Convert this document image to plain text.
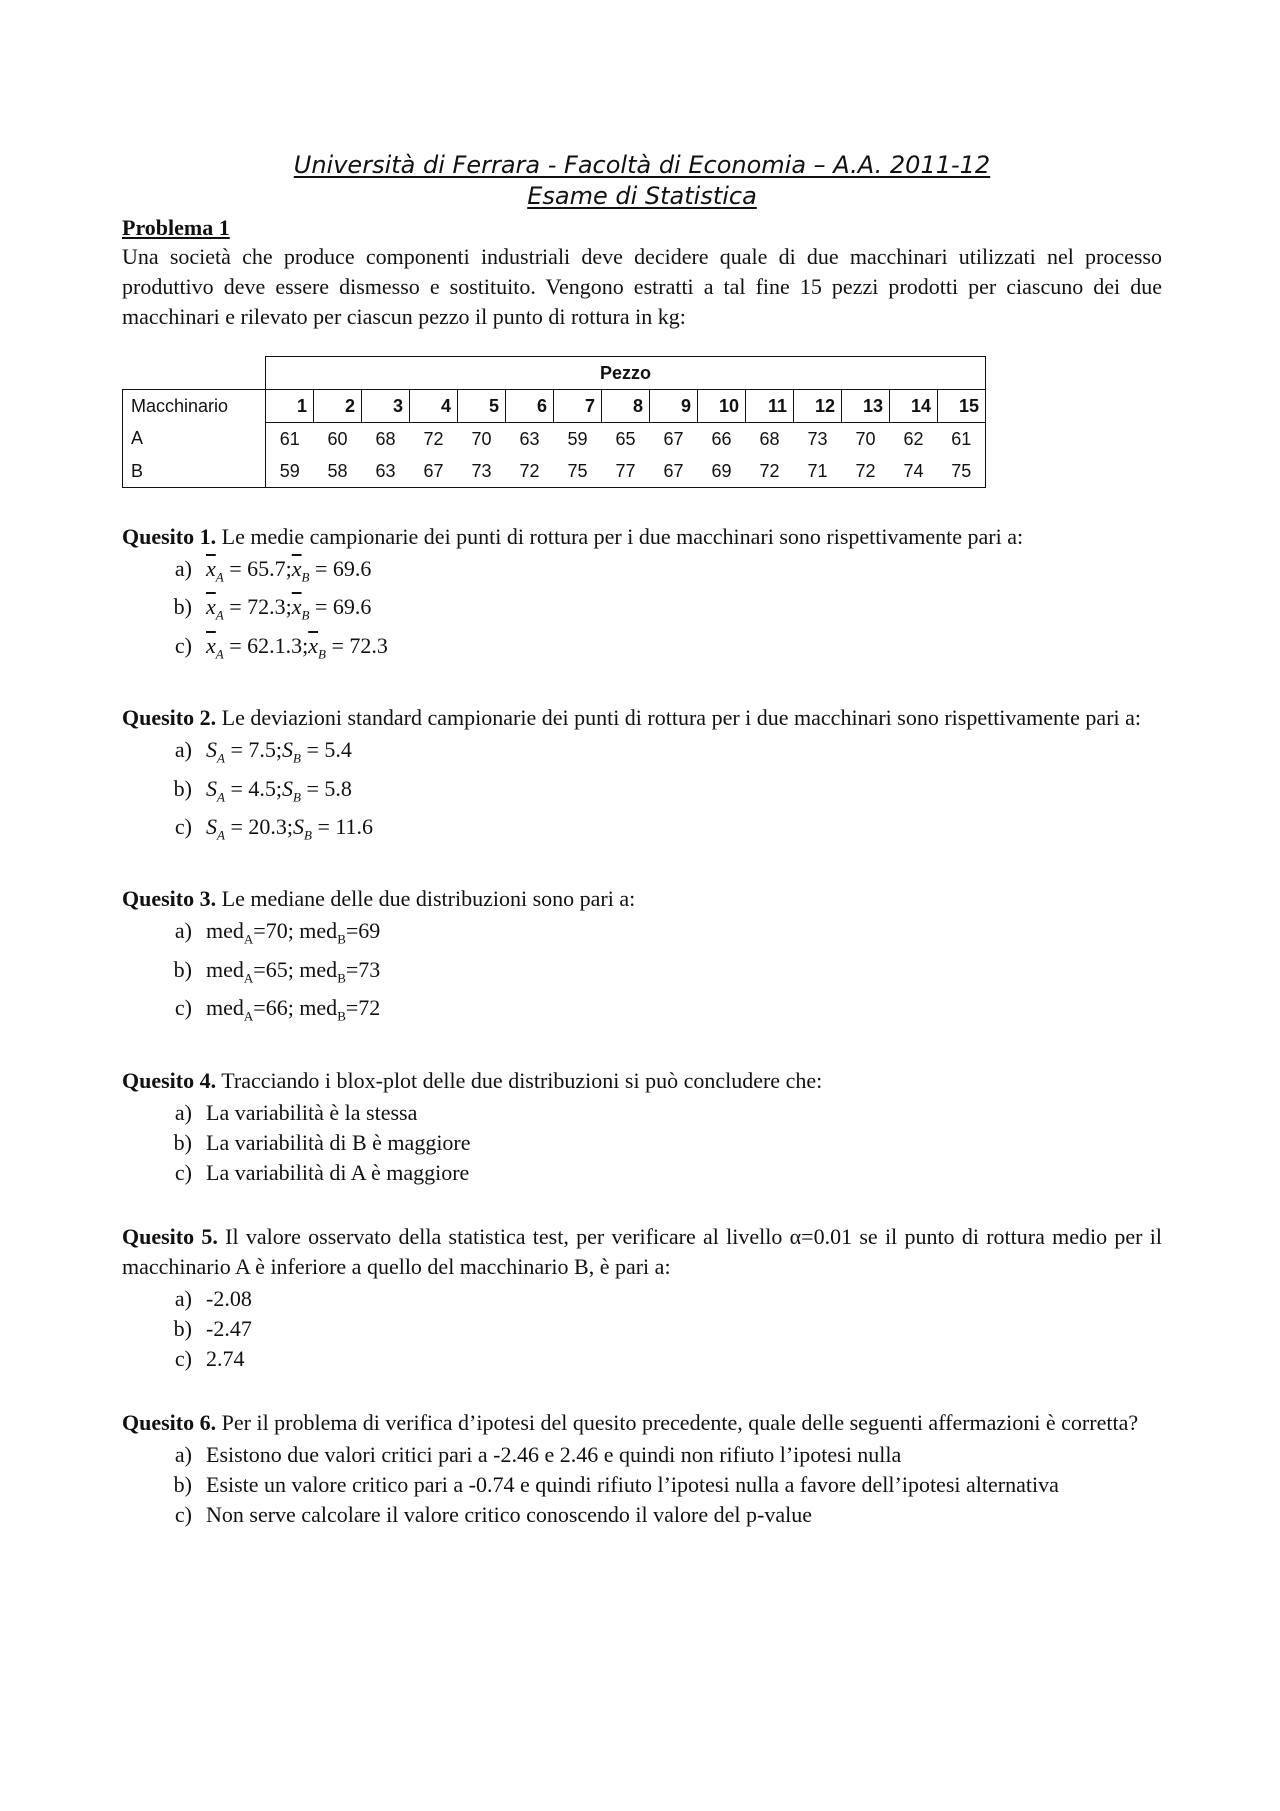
Università di Ferrara - Facoltà di Economia – A.A. 2011-12
Esame di Statistica
Problema 1
Una società che produce componenti industriali deve decidere quale di due macchinari utilizzati nel processo produttivo deve essere dismesso e sostituito. Vengono estratti a tal fine 15 pezzi prodotti per ciascuno dei due macchinari e rilevato per ciascun pezzo il punto di rottura in kg:
	Pezzo														
Macchinario	1	2	3	4	5	6	7	8	9	10	11	12	13	14	15
A	61	60	68	72	70	63	59	65	67	66	68	73	70	62	61
B	59	58	63	67	73	72	75	77	67	69	72	71	72	74	75
Quesito 1. Le medie campionarie dei punti di rottura per i due macchinari sono rispettivamente pari a:
a) $\overline{x}_A$ = $65.7;\overline{x}_B = 69.6$
b) $\overline{x}_A$ = $72.3;\overline{x}_B = 69.6$
c) $\overline{x}_A$ = $62.1.3;\overline{x}_B = 72.3$
Quesito 2. Le deviazioni standard campionarie dei punti di rottura per i due macchinari sono rispettivamente pari a:
a) $S_A$ = $7.5;S_B = 5.4$
b) $S_A$ = $4.5;S_B = 5.8$
c) $S_A$ = $20.3;S_B = 11.6$
Quesito 3. Le mediane delle due distribuzioni sono pari a:
a) med$_A$=70; med$_B$=69
b) med$_A$=65; med$_B$=73
c) med$_A$=66; med$_B$=72
Quesito 4. Tracciando i blox-plot delle due distribuzioni si può concludere che:
a) La variabilità è la stessa
b) La variabilità di B è maggiore
c) La variabilità di A è maggiore
Quesito 5. Il valore osservato della statistica test, per verificare al livello α=0.01 se il punto di rottura medio per il macchinario A è inferiore a quello del macchinario B, è pari a:
a) -2.08
b) -2.47
c) 2.74
Quesito 6. Per il problema di verifica d’ipotesi del quesito precedente, quale delle seguenti affermazioni è corretta?
a) Esistono due valori critici pari a -2.46 e 2.46 e quindi non rifiuto l’ipotesi nulla
b) Esiste un valore critico pari a -0.74 e quindi rifiuto l’ipotesi nulla a favore dell’ipotesi alternativa
c) Non serve calcolare il valore critico conoscendo il valore del p-value
